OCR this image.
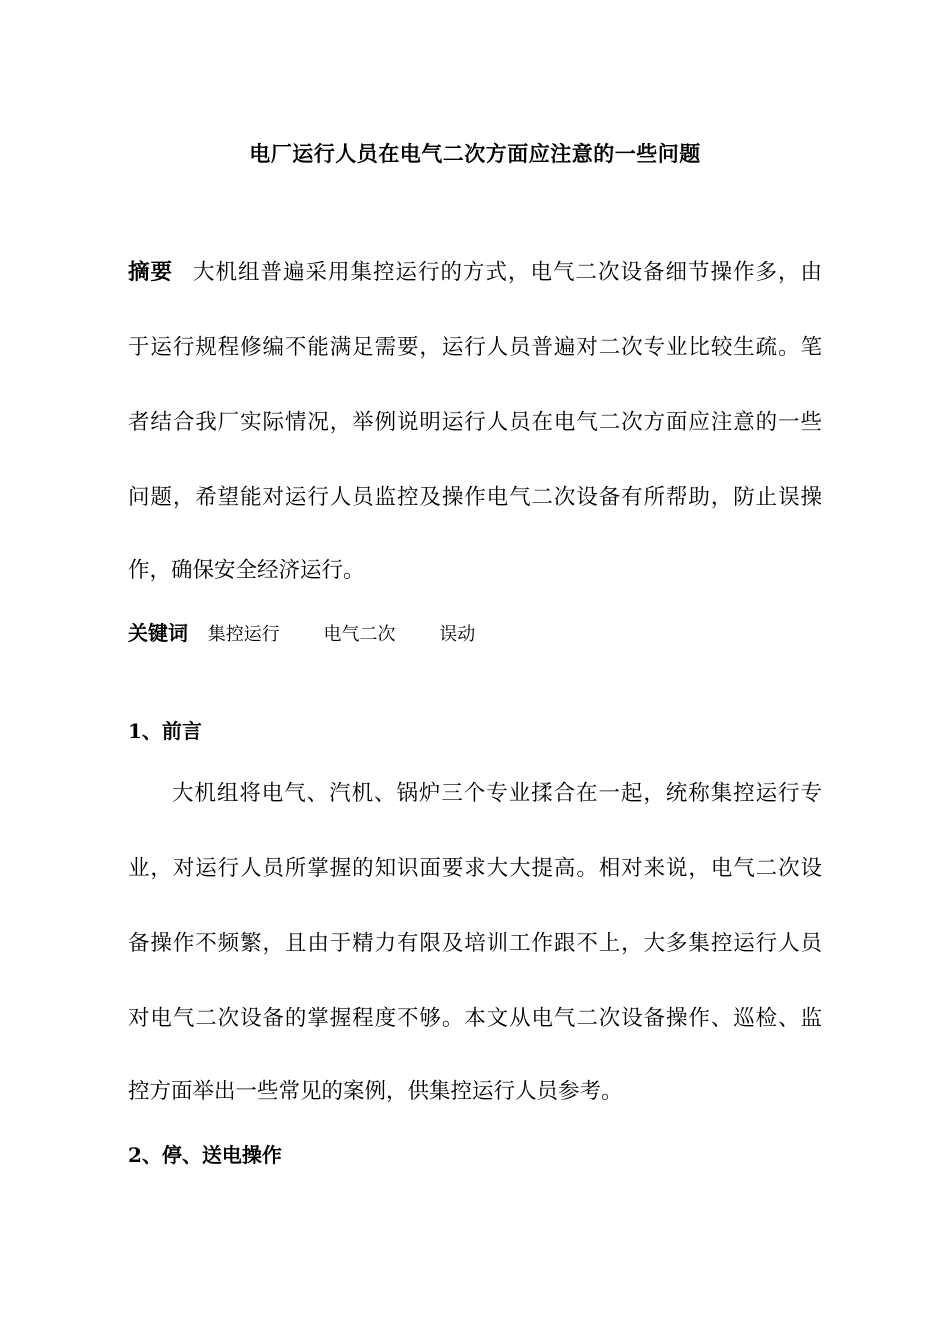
电厂运行人员在电气二次方面应注意的一些问题
摘要 大机组普遍采用集控运行的方式，电气二次设备细节操作多，由
于运行规程修编不能满足需要，运行人员普遍对二次专业比较生疏。笔
者结合我厂实际情况，举例说明运行人员在电气二次方面应注意的一些
问题，希望能对运行人员监控及操作电气二次设备有所帮助，防止误操
作，确保安全经济运行。
关键词 集控运行 电气二次 误动
1、前言
大机组将电气、汽机、锅炉三个专业揉合在一起，统称集控运行专
业，对运行人员所掌握的知识面要求大大提高。相对来说，电气二次设
备操作不频繁，且由于精力有限及培训工作跟不上，大多集控运行人员
对电气二次设备的掌握程度不够。本文从电气二次设备操作、巡检、监
控方面举出一些常见的案例，供集控运行人员参考。
2、停、送电操作
